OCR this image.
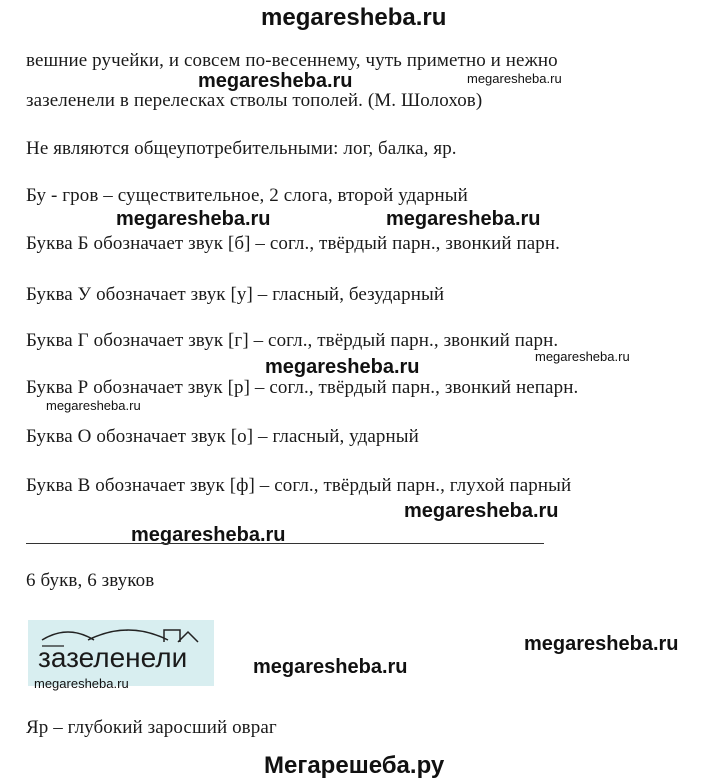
megaresheba.ru
вешние ручейки, и совсем по-весеннему, чуть приметно и нежно
megaresheba.ru	megaresheba.ru
зазеленели в перелесках стволы тополей. (М. Шолохов)
Не являются общеупотребительными: лог, балка, яр.
Бу - гров – существительное, 2 слога, второй ударный
megaresheba.ru	megaresheba.ru
Буква Б обозначает звук [б] – согл., твёрдый парн., звонкий парн.
Буква У обозначает звук [у] – гласный, безударный
Буква Г обозначает звук [г] – согл., твёрдый парн., звонкий парн.
megaresheba.ru	megaresheba.ru
Буква Р обозначает звук [р] – согл., твёрдый парн., звонкий непарн.
megaresheba.ru
Буква О обозначает звук [о] – гласный, ударный
Буква В обозначает звук [ф] – согл., твёрдый парн., глухой парный
megaresheba.ru
megaresheba.ru
6 букв, 6 звуков
зазеленели	megaresheba.ru
megaresheba.ru
megaresheba.ru
Яр – глубокий заросший овраг
Мегарешеба.ру
